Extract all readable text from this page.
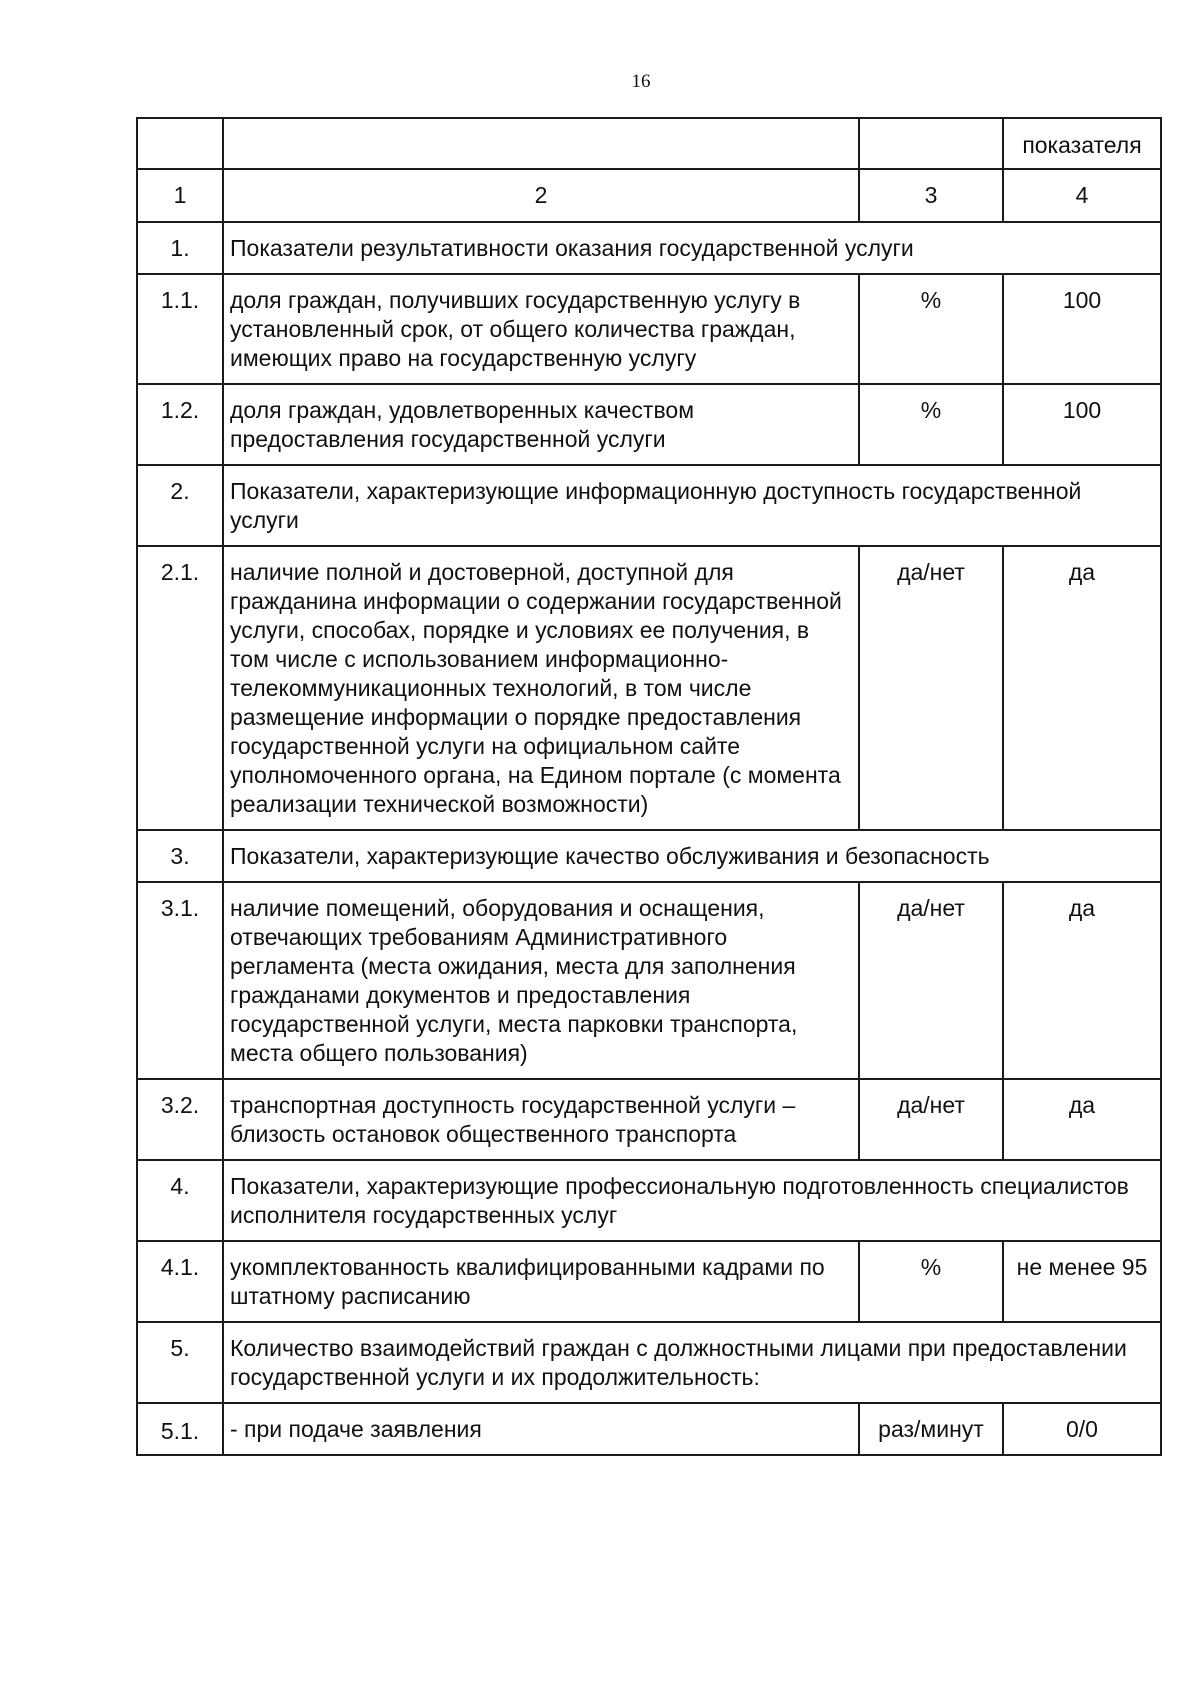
16
			показателя
1	2	3	4
1.	Показатели результативности оказания государственной услуги		
1.1.	доля граждан, получивших государственную услугу в установленный срок, от общего количества граждан, имеющих право на государственную услугу	%	100
1.2.	доля граждан, удовлетворенных качеством предоставления государственной услуги	%	100
2.	Показатели, характеризующие информационную доступность государственной услуги		
2.1.	наличие полной и достоверной, доступной для гражданина информации о содержании государственной услуги, способах, порядке и условиях ее получения, в том числе с использованием информационно-телекоммуникационных технологий, в том числе размещение информации о порядке предоставления государственной услуги на официальном сайте уполномоченного органа, на Едином портале (с момента реализации технической возможности)	да/нет	да
3.	Показатели, характеризующие качество обслуживания и безопасность		
3.1.	наличие помещений, оборудования и оснащения, отвечающих требованиям Административного регламента (места ожидания, места для заполнения гражданами документов и предоставления государственной услуги, места парковки транспорта, места общего пользования)	да/нет	да
3.2.	транспортная доступность государственной услуги – близость остановок общественного транспорта	да/нет	да
4.	Показатели, характеризующие профессиональную подготовленность специалистов исполнителя государственных услуг		
4.1.	укомплектованность квалифицированными кадрами по штатному расписанию	%	не менее 95
5.	Количество взаимодействий граждан с должностными лицами при предоставлении государственной услуги и их продолжительность:		
5.1.	- при подаче заявления	раз/минут	0/0
